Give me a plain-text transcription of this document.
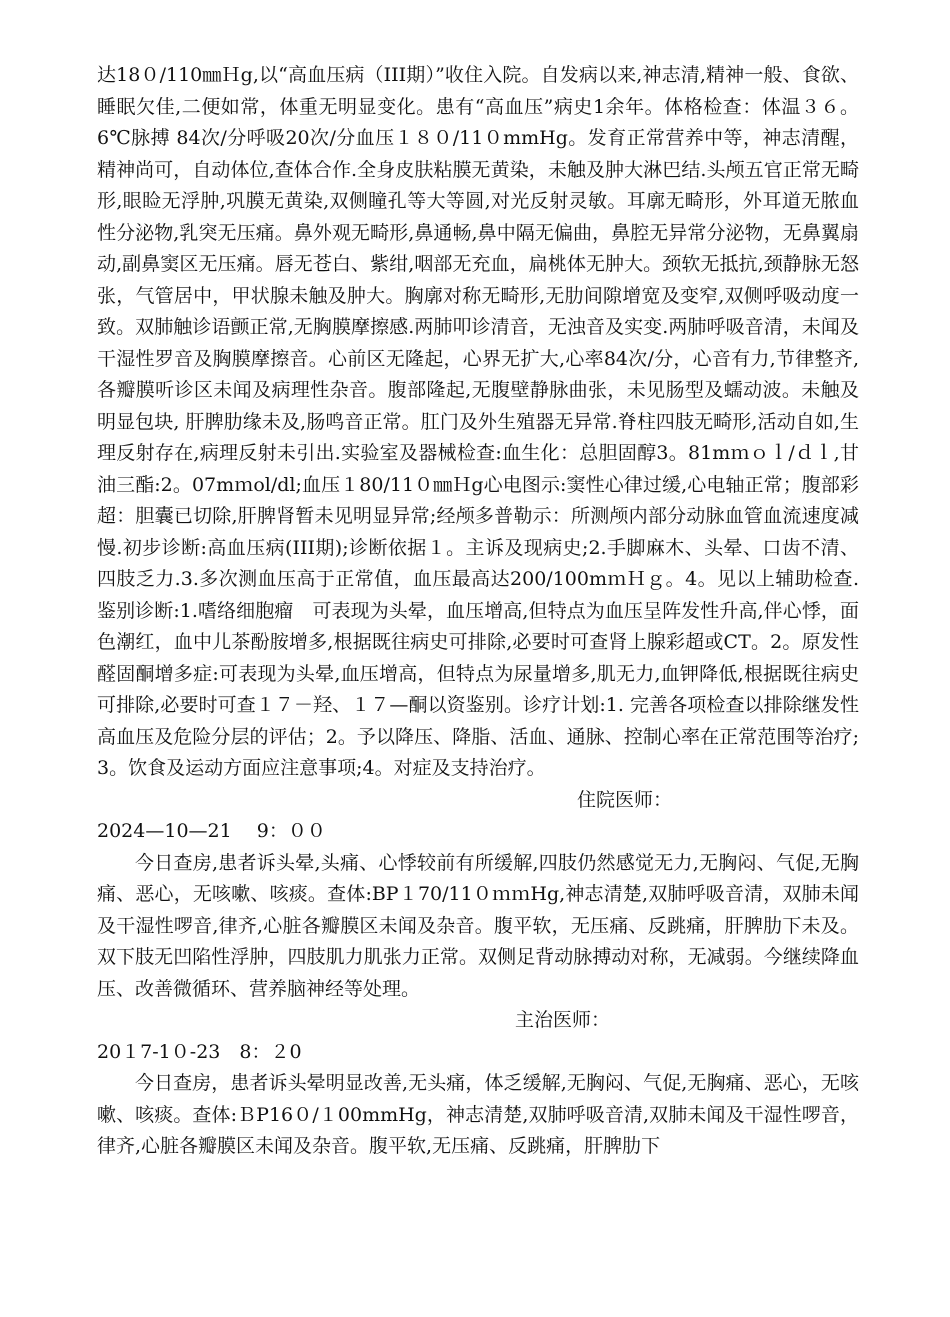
达18０/110㎜Ｈg,以“高血压病（III期）”收住入院。自发病以来,神志清,精神一般、食欲、睡眠欠佳,二便如常，体重无明显变化。患有“高血压”病史1余年。体格检查：体温３６。6℃脉搏 84次/分呼吸20次/分血压１８０/11０mmHg。发育正常营养中等，神志清醒，精神尚可，自动体位,查体合作.全身皮肤粘膜无黄染，未触及肿大淋巴结.头颅五官正常无畸形,眼睑无浮肿,巩膜无黄染,双侧瞳孔等大等圆,对光反射灵敏。耳廓无畸形，外耳道无脓血性分泌物,乳突无压痛。鼻外观无畸形,鼻通畅,鼻中隔无偏曲，鼻腔无异常分泌物，无鼻翼扇动,副鼻窦区无压痛。唇无苍白、紫绀,咽部无充血，扁桃体无肿大。颈软无抵抗,颈静脉无怒张，气管居中，甲状腺未触及肿大。胸廓对称无畸形,无肋间隙增宽及变窄,双侧呼吸动度一致。双肺触诊语颤正常,无胸膜摩擦感.两肺叩诊清音，无浊音及实变.两肺呼吸音清，未闻及干湿性罗音及胸膜摩擦音。心前区无隆起，心界无扩大,心率84次/分，心音有力,节律整齐,各瓣膜听诊区未闻及病理性杂音。腹部隆起,无腹壁静脉曲张，未见肠型及蠕动波。未触及明显包块, 肝脾肋缘未及,肠鸣音正常。肛门及外生殖器无异常.脊柱四肢无畸形,活动自如,生理反射存在,病理反射未引出.实验室及器械检查:血生化：总胆固醇3。81mｍｏｌ/ｄｌ,甘油三酯:2。07mｍol/dl;血压１80/11０㎜Ｈg心电图示:窦性心律过缓,心电轴正常；腹部彩超：胆囊已切除,肝脾肾暂未见明显异常;经颅多普勒示：所测颅内部分动脉血管血流速度减慢.初步诊断:高血压病(III期);诊断依据１。主诉及现病史;2.手脚麻木、头晕、口齿不清、四肢乏力.3.多次测血压高于正常值，血压最高达200/100mｍＨｇ。4。见以上辅助检查.鉴别诊断:1.嗜络细胞瘤　可表现为头晕，血压增高,但特点为血压呈阵发性升高,伴心悸，面色潮红，血中儿茶酚胺增多,根据既往病史可排除,必要时可查肾上腺彩超或CT。2。原发性醛固酮增多症:可表现为头晕,血压增高，但特点为尿量增多,肌无力,血钾降低,根据既往病史可排除,必要时可查１７－羟、１７—酮以资鉴别。诊疗计划:1. 完善各项检查以排除继发性高血压及危险分层的评估；2。予以降压、降脂、活血、通脉、控制心率在正常范围等治疗;3。饮食及运动方面应注意事项;4。对症及支持治疗。

住院医师：

2024—10—21　 9：００

今日查房,患者诉头晕,头痛、心悸较前有所缓解,四肢仍然感觉无力,无胸闷、气促,无胸痛、恶心，无咳嗽、咳痰。查体:BP１70/11０ｍｍHg,神志清楚,双肺呼吸音清，双肺未闻及干湿性啰音,律齐,心脏各瓣膜区未闻及杂音。腹平软，无压痛、反跳痛，肝脾肋下未及。双下肢无凹陷性浮肿，四肢肌力肌张力正常。双侧足背动脉搏动对称，无减弱。今继续降血压、改善微循环、营养脑神经等处理。

主治医师：

20１7-1０-23　8：２0

今日查房，患者诉头晕明显改善,无头痛，体乏缓解,无胸闷、气促,无胸痛、恶心，无咳嗽、咳痰。查体:ＢP16０/１00mmHg，神志清楚,双肺呼吸音清,双肺未闻及干湿性啰音，律齐,心脏各瓣膜区未闻及杂音。腹平软,无压痛、反跳痛，肝脾肋下
